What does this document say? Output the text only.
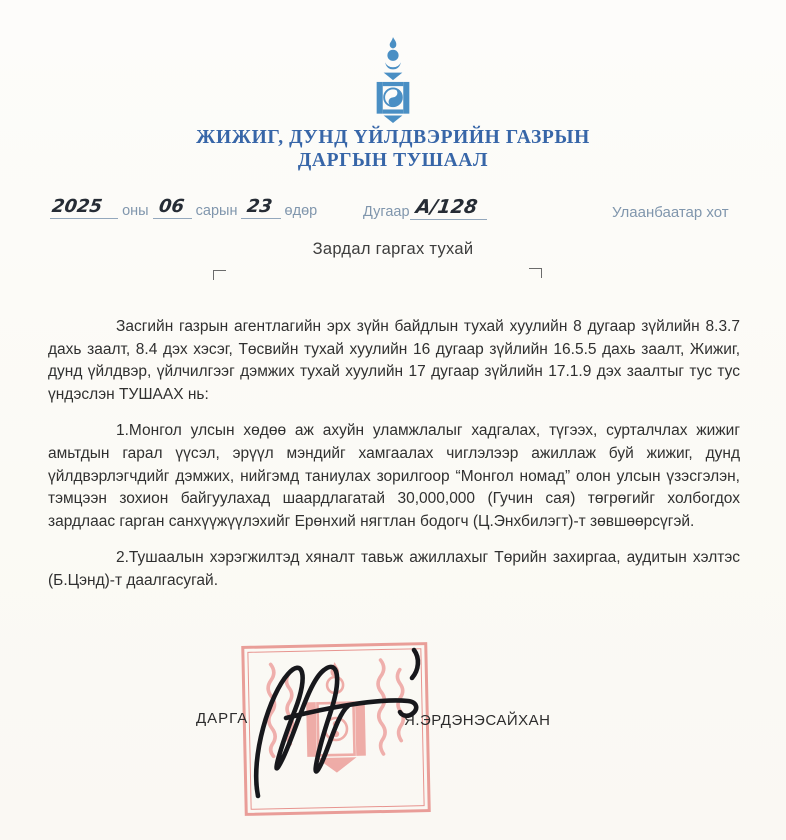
ЖИЖИГ, ДУНД ҮЙЛДВЭРИЙН ГАЗРЫН
ДАРГЫН ТУШААЛ
2025	оны 06 сарын 23 өдөр	Дугаар А/128	Улаанбаатар хот
Зардал гаргах тухай

Засгийн газрын агентлагийн эрх зүйн байдлын тухай хуулийн 8 дугаар зүйлийн 8.3.7 дахь заалт, 8.4 дэх хэсэг, Төсвийн тухай хуулийн 16 дугаар зүйлийн 16.5.5 дахь заалт, Жижиг, дунд үйлдвэр, үйлчилгээг дэмжих тухай хуулийн 17 дугаар зүйлийн 17.1.9 дэх заалтыг тус тус үндэслэн ТУШААХ нь:

1.Монгол улсын хөдөө аж ахуйн уламжлалыг хадгалах, түгээх, сурталчлах жижиг амьтдын гарал үүсэл, эрүүл мэндийг хамгаалах чиглэлээр ажиллаж буй жижиг, дунд үйлдвэрлэгчдийг дэмжих, нийгэмд таниулах зорилгоор “Монгол номад” олон улсын үзэсгэлэн, тэмцээн зохион байгуулахад шаардлагатай 30,000,000 (Гучин сая) төгрөгийг холбогдох зардлаас гарган санхүүжүүлэхийг Ерөнхий нягтлан бодогч (Ц.Энхбилэгт)-т зөвшөөрсүгэй.

2.Тушаалын хэрэгжилтэд хяналт тавьж ажиллахыг Төрийн захиргаа, аудитын хэлтэс (Б.Цэнд)-т даалгасугай.

ДАРГА	Я.ЭРДЭНЭСАЙХАН
